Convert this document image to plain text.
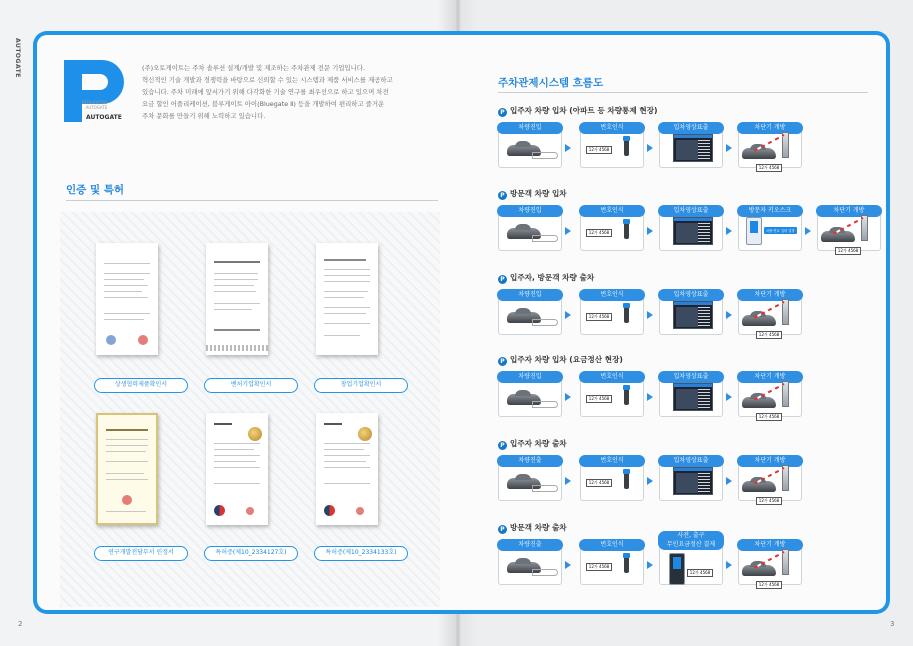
AUTOGATE
2	3
INTEGRATED
AUTOGATE
AUTOGATE
(주)오토게이트는 주차 솔루션 설계/개발 및 제조하는 주차관제 전문 기업입니다.
혁신적인 기술 개발과 경쟁력을 바탕으로 신뢰할 수 있는 시스템과 제품 서비스를 제공하고
있습니다. 주차 미래에 앞서가기 위해 다각화한 기술 연구를 최우선으로 하고 있으며 차전
요금 할인 어플리케이션, 블루게이트 아이(Bluegate Ⅱ) 등을 개발하여 편리하고 즐거운
주차 문화를 만들기 위해 노력하고 있습니다.
인증 및 특허
상생협력제품확인서	벤처기업확인서	창업기업확인서
연구개발전담부서 인정서	특허증(제10_2334127호)	특허증(제10_2334133호)
주차관제시스템 흐름도
P 입주자 차량 입차 (아파트 등 차량통제 현장)
차량진입	번호인식
12가 4568
입차영상표출	차단기 개방
12가 4568
P 방문객 차량 입차
차량진입	번호인식
12가 4568
입차영상표출	방문자 키오스크
차량 번호 입력 결정
차단기 개방
12가 4568
P 입주자, 방문객 차량 출차
차량진입	번호인식
12가 4568
입차영상표출	차단기 개방
12가 4568
P 입주자 차량 입차 (요금정산 현장)
차량진입	번호인식
12가 4568
입차영상표출	차단기 개방
12가 4568
P 입주자 차량 출차
차량진출	번호인식
12가 4568
입차영상표출	차단기 개방
12가 4568
P 방문객 차량 출차
차량진출	번호인식
12가 4568
사전, 출구
무인요금정산 결제
12가 4568
차단기 개방
12가 4568
